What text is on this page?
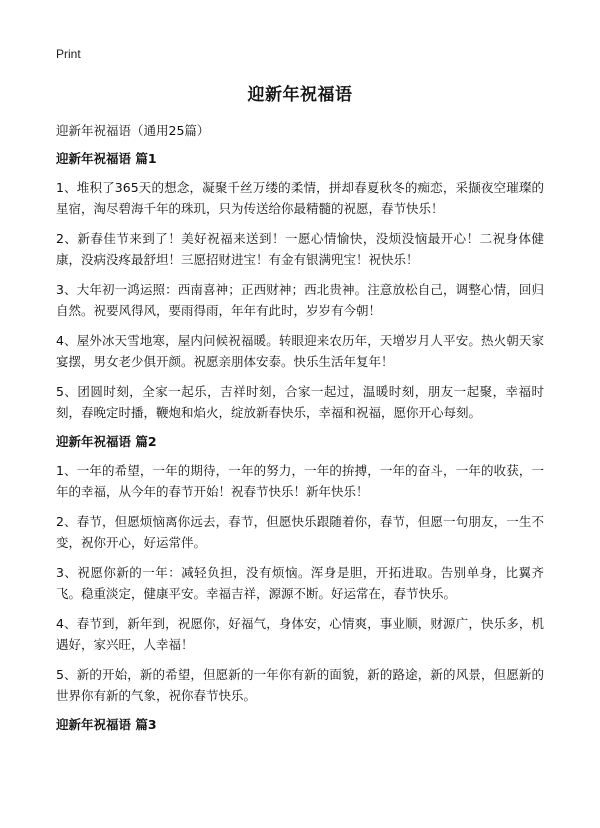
Print
迎新年祝福语
迎新年祝福语（通用25篇）
迎新年祝福语 篇1

1、堆积了365天的想念，凝聚千丝万缕的柔情，拼却春夏秋冬的痴恋，采撷夜空璀璨的星宿，淘尽碧海千年的珠玑，只为传送给你最精髓的祝愿，春节快乐！

2、新春佳节来到了！美好祝福来送到！一愿心情愉快，没烦没恼最开心！二祝身体健康，没病没疼最舒坦！三愿招财进宝！有金有银满兜宝！祝快乐！

3、大年初一鸿运照：西南喜神；正西财神；西北贵神。注意放松自己，调整心情，回归自然。祝要风得风，要雨得雨，年年有此时，岁岁有今朝！

4、屋外冰天雪地寒，屋内问候祝福暖。转眼迎来农历年，天增岁月人平安。热火朝天家宴摆，男女老少俱开颜。祝愿亲朋体安泰。快乐生活年复年！

5、团圆时刻，全家一起乐，吉祥时刻，合家一起过，温暖时刻，朋友一起聚，幸福时刻，春晚定时播，鞭炮和焰火，绽放新春快乐，幸福和祝福，愿你开心每刻。

迎新年祝福语 篇2

1、一年的希望，一年的期待，一年的努力，一年的拚搏，一年的奋斗，一年的收获，一年的幸福，从今年的春节开始！祝春节快乐！新年快乐！

2、春节，但愿烦恼离你远去，春节，但愿快乐跟随着你，春节，但愿一句朋友，一生不变，祝你开心，好运常伴。

3、祝愿你新的一年：减轻负担，没有烦恼。浑身是胆，开拓进取。告别单身，比翼齐飞。稳重淡定，健康平安。幸福吉祥，源源不断。好运常在，春节快乐。

4、春节到，新年到，祝愿你，好福气，身体安，心情爽，事业顺，财源广，快乐多，机遇好，家兴旺，人幸福！

5、新的开始，新的希望，但愿新的一年你有新的面貌，新的路途，新的风景，但愿新的世界你有新的气象，祝你春节快乐。

迎新年祝福语 篇3
